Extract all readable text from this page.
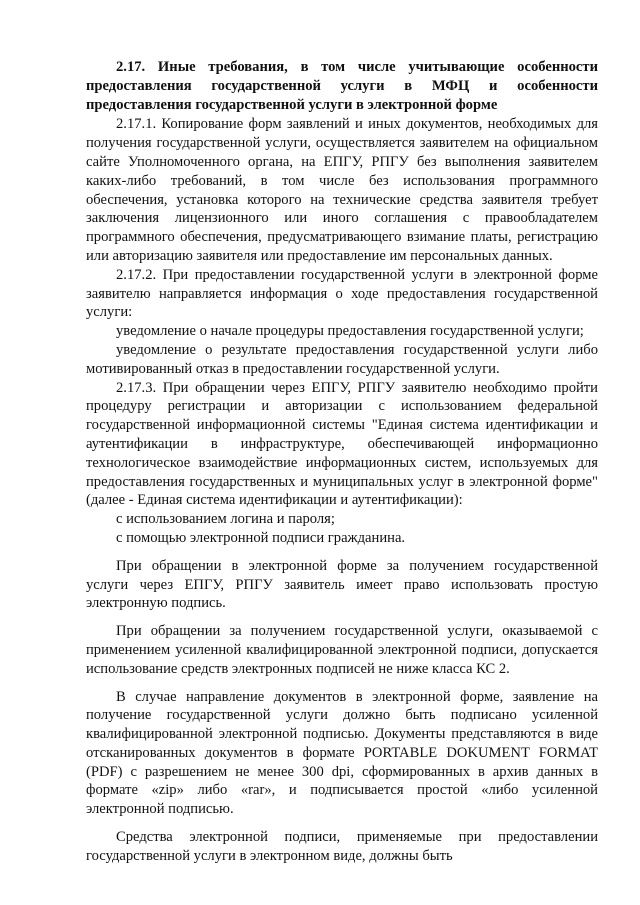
2.17. Иные требования, в том числе учитывающие особенности предоставления государственной услуги в МФЦ и особенности предоставления государственной услуги в электронной форме

2.17.1. Копирование форм заявлений и иных документов, необходимых для получения государственной услуги, осуществляется заявителем на официальном сайте Уполномоченного органа, на ЕПГУ, РПГУ без выполнения заявителем каких-либо требований, в том числе без использования программного обеспечения, установка которого на технические средства заявителя требует заключения лицензионного или иного соглашения с правообладателем программного обеспечения, предусматривающего взимание платы, регистрацию или авторизацию заявителя или предоставление им персональных данных.

2.17.2. При предоставлении государственной услуги в электронной форме заявителю направляется информация о ходе предоставления государственной услуги:

уведомление о начале процедуры предоставления государственной услуги;

уведомление о результате предоставления государственной услуги либо мотивированный отказ в предоставлении государственной услуги.

2.17.3. При обращении через ЕПГУ, РПГУ заявителю необходимо пройти процедуру регистрации и авторизации с использованием федеральной государственной информационной системы "Единая система идентификации и аутентификации в инфраструктуре, обеспечивающей информационно технологическое взаимодействие информационных систем, используемых для предоставления государственных и муниципальных услуг в электронной форме" (далее - Единая система идентификации и аутентификации):

с использованием логина и пароля;

с помощью электронной подписи гражданина.

При обращении в электронной форме за получением государственной услуги через ЕПГУ, РПГУ заявитель имеет право использовать простую электронную подпись.

При обращении за получением государственной услуги, оказываемой с применением усиленной квалифицированной электронной подписи, допускается использование средств электронных подписей не ниже класса КС 2.

В случае направление документов в электронной форме, заявление на получение государственной услуги должно быть подписано усиленной квалифицированной электронной подписью. Документы представляются в виде отсканированных документов в формате PORTABLE DOKUMENT FORMAT (PDF) с разрешением не менее 300 dpi, сформированных в архив данных в формате «zip» либо «rar», и подписывается простой «либо усиленной электронной подписью.

Средства электронной подписи, применяемые при предоставлении государственной услуги в электронном виде, должны быть
